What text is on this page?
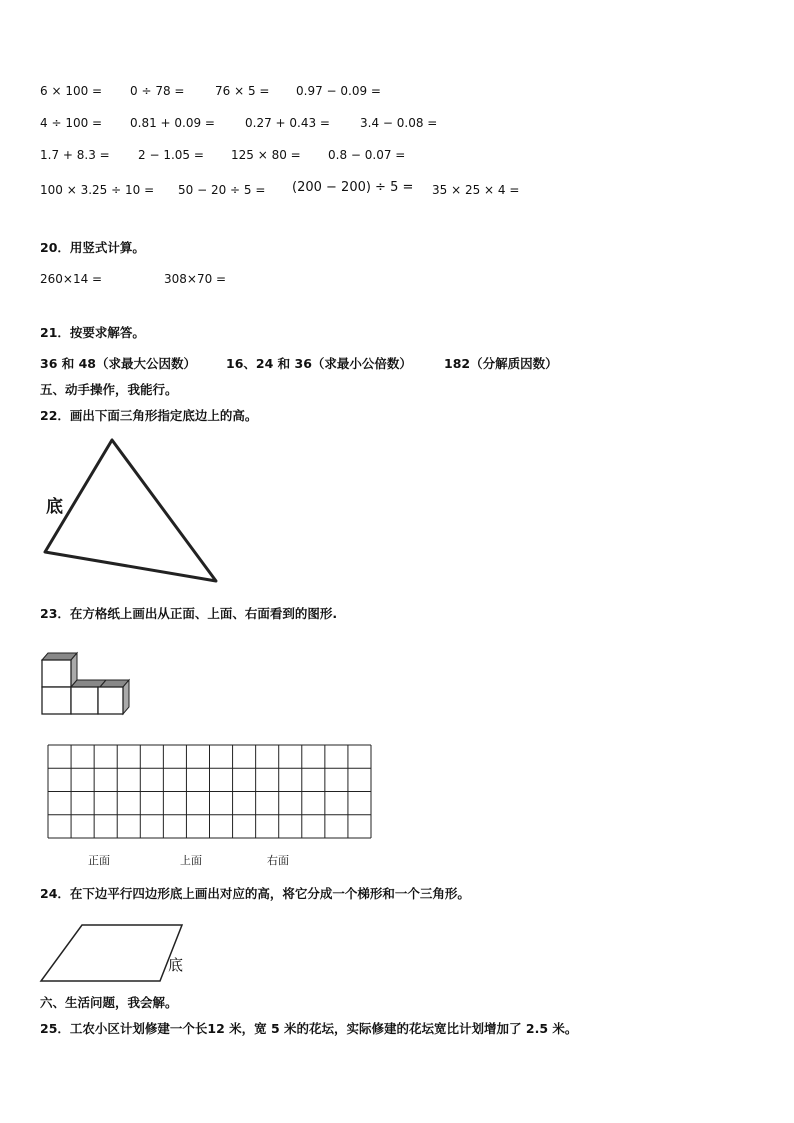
6 × 100 = 0 ÷ 78 =	76 × 5 = 0.97 − 0.09 =
4 ÷ 100 = 0.81 + 0.09 =	0.27 + 0.43 =	3.4 − 0.08 =
1.7 + 8.3 = 2 − 1.05 = 125 × 80 = 0.8 − 0.07 =
100 × 3.25 ÷ 10 = 50 − 20 ÷ 5 = (200 − 200) ÷ 5 = 35 × 25 × 4 =
20．用竖式计算。
260×14 =	308×70 =
21．按要求解答。
36 和 48（求最大公因数） 16、24 和 36（求最小公倍数）	182（分解质因数）
五、动手操作，我能行。
22．画出下面三角形指定底边上的高。
底
23．在方格纸上画出从正面、上面、右面看到的图形.
正面	上面	右面
24．在下边平行四边形底上画出对应的高，将它分成一个梯形和一个三角形。
底
六、生活问题，我会解。
25．工农小区计划修建一个长12 米，宽 5 米的花坛，实际修建的花坛宽比计划增加了 2.5 米。
